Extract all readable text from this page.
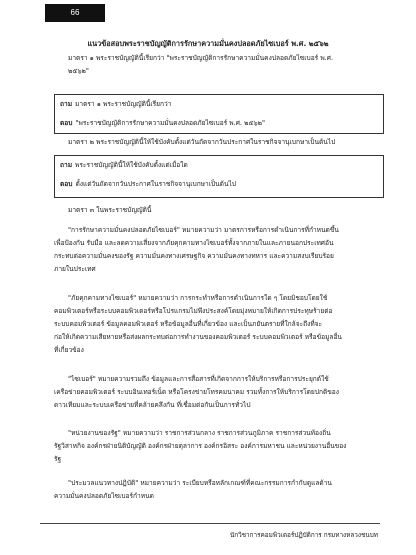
66
แนวข้อสอบพระราชบัญญัติการรักษาความมั่นคงปลอดภัยไซเบอร์ พ.ศ. ๒๕๖๒
มาตรา ๑ พระราชบัญญัตินี้เรียกว่า "พระราชบัญญัติการรักษาความมั่นคงปลอดภัยไซเบอร์ พ.ศ.
๒๕๖๒"
ถาม มาตรา ๑ พระราชบัญญัตินี้เรียกว่า
ตอบ "พระราชบัญญัติการรักษาความมั่นคงปลอดภัยไซเบอร์ พ.ศ. ๒๕๖๒"
มาตรา ๒ พระราชบัญญัตินี้ให้ใช้บังคับตั้งแต่วันถัดจากวันประกาศในราชกิจจานุเบกษาเป็นต้นไป
ถาม พระราชบัญญัตินี้ให้ใช้บังคับตั้งแต่เมื่อใด
ตอบ ตั้งแต่วันถัดจากวันประกาศในราชกิจจานุเบกษาเป็นต้นไป
มาตรา ๓ ในพระราชบัญญัตินี้
"การรักษาความมั่นคงปลอดภัยไซเบอร์" หมายความว่า มาตรการหรือการดำเนินการที่กำหนดขึ้น
เพื่อป้องกัน รับมือ และลดความเสี่ยงจากภัยคุกคามทางไซเบอร์ทั้งจากภายในและภายนอกประเทศอัน
กระทบต่อความมั่นคงของรัฐ ความมั่นคงทางเศรษฐกิจ ความมั่นคงทางทหาร และความสงบเรียบร้อย
ภายในประเทศ
"ภัยคุกคามทางไซเบอร์" หมายความว่า การกระทำหรือการดำเนินการใด ๆ โดยมิชอบโดยใช้
คอมพิวเตอร์หรือระบบคอมพิวเตอร์หรือโปรแกรมไม่พึงประสงค์โดยมุ่งหมายให้เกิดการประทุษร้ายต่อ
ระบบคอมพิวเตอร์ ข้อมูลคอมพิวเตอร์ หรือข้อมูลอื่นที่เกี่ยวข้อง และเป็นภยันตรายที่ใกล้จะถึงที่จะ
ก่อให้เกิดความเสียหายหรือส่งผลกระทบต่อการทำงานของคอมพิวเตอร์ ระบบคอมพิวเตอร์ หรือข้อมูลอื่น
ที่เกี่ยวข้อง
"ไซเบอร์" หมายความรวมถึง ข้อมูลและการสื่อสารที่เกิดจากการให้บริการหรือการประยุกต์ใช้
เครือข่ายคอมพิวเตอร์ ระบบอินเทอร์เน็ต หรือโครงข่ายโทรคมนาคม รวมทั้งการให้บริการโดยปกติของ
ดาวเทียมและระบบเครือข่ายที่คล้ายคลึงกัน ที่เชื่อมต่อกันเป็นการทั่วไป
"หน่วยงานของรัฐ" หมายความว่า ราชการส่วนกลาง ราชการส่วนภูมิภาค ราชการส่วนท้องถิ่น
รัฐวิสาหกิจ องค์กรฝ่ายนิติบัญญัติ องค์กรฝ่ายตุลาการ องค์กรอิสระ องค์การมหาชน และหน่วยงานอื่นของ
รัฐ
"ประมวลแนวทางปฏิบัติ" หมายความว่า ระเบียบหรือหลักเกณฑ์ที่คณะกรรมการกำกับดูแลด้าน
ความมั่นคงปลอดภัยไซเบอร์กำหนด
นักวิชาการคอมพิวเตอร์ปฏิบัติการ กรมทางหลวงชนบท
